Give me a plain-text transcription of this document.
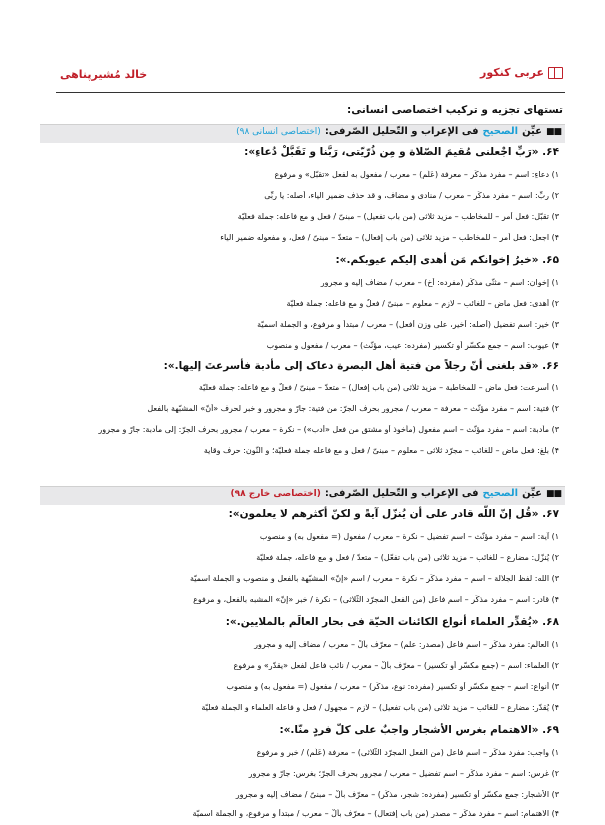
عربی کنکور
خالد مُشیرپناهی
تستهای تجزیه و ترکیب اختصاصی انسانی:
■■
عیِّن
الصحیح
فی الإعراب و التّحلیل الصّرفی:
(اختصاصی انسانی ۹۸)
۶۴. «رَبِّ اجْعلنی مُقیمَ الصّلاة و مِن ذُرّیّتی، رَبَّنا و تَقَبَّلْ دُعاءِ»:
۱) دعاءِ: اسم – مفرد مذکّر – معرفة (عَلَم) – معرب / مفعول به لفعل «تقبّل» و مرفوع
۲) ربِّ: اسم – مفرد مذکّر – معرب / منادی و مضاف، و قد حذف ضمیر الیاء، أصله: یا ربِّی
۳) تقبّل: فعل أمر – للمخاطب – مزید ثلاثی (من باب تفعیل) – مبنیّ / فعل و مع فاعله: جملة فعلیّة
۴) اجعل: فعل أمر – للمخاطب – مزید ثلاثی (من باب إفعال) – متعدّ – مبنیّ / فعل، و مفعوله ضمیر الیاء
۶۵. «خیرُ إخوانکم مَن أهدی إلیکم عیوبکم.»:
۱) إخوان: اسم – مثنّی مذکّر (مفرده: أخ) – معرب / مضاف إلیه و مجرور
۲) أهدی: فعل ماضٍ – للغائب – لازم – معلوم – مبنیّ / فعلٌ و مع فاعله: جملة فعلیّة
۳) خیر: اسم تفضیل (أصله: أخیر، علی وزن أفعل) – معرب / مبتدأ و مرفوع، و الجملة اسمیّة
۴) عیوب: اسم – جمع مکسّر أو تکسیر (مفرده: عیب، مؤنّث) – معرب / مفعول و منصوب
۶۶. «قد بلغنی أنّ رجلاً من فتیة أهل البصرة دعاک إلی مأدبة فأسرعتَ إلیها.»:
۱) أسرعت: فعل ماضٍ – للمخاطبة – مزید ثلاثی (من باب إفعال) – متعدّ – مبنیّ / فعلٌ و مع فاعله: جملة فعلیّة
۲) فتیة: اسم – مفرد مؤنّث – معرفة – معرب / مجرور بحرف الجرّ: من فتیة: جارّ و مجرور و خبر لحرف «أنّ» المشبّهة بالفعل
۳) مأدبة: اسم – مفرد مؤنّث – اسم مفعول (مأخوذ أو مشتق من فعل «أدب») – نکرة – معرب / مجرور بحرف الجرّ: إلی مأدبة: جارّ و مجرور
۴) بلغ: فعل ماضٍ – للغائب – مجرّد ثلاثی – معلوم – مبنیّ / فعل و مع فاعله جملة فعلیّة؛ و النّون: حرف وقایة
■■
عیِّن
الصحیح
فی الإعراب و التّحلیل الصّرفی:
(اختصاصی خارج ۹۸)
۶۷. «قُل إنّ اللّه قادر علی أن یُنزّل آیةً و لکنّ أکثرهم لا یعلمون»:
۱) آیة: اسم – مفرد مؤنّث – اسم تفضیل – نکرة – معرب / مفعول (= مفعول به) و منصوب
۲) یُنزّل: مضارع – للغائب – مزید ثلاثی (من باب تفعّل) – متعدّ / فعل و مع فاعله، جملة فعلیّة
۳) اللّه: لفظ الجلالة – اسم – مفرد مذکّر – نکرة – معرب / اسم «إنّ» المشبّهة بالفعل و منصوب و الجملة اسمیّة
۴) قادر: اسم – مفرد مذکّر – اسم فاعل (من الفعل المجرّد الثّلاثی) – نکرة / خبر «إنّ» المشبه بالفعل، و مرفوع
۶۸. «یُقدِّر العلماء أنواع الکائنات الحیّة فی بحار العالَم بالملایین.»:
۱) العالَم: مفرد مذکّر – اسم فاعل (مصدر: علم) – معرّف بألْ – معرب / مضاف إلیه و مجرور
۲) العلماء: اسم – (جمع مکسّر أو تکسیر) – معرّف بألْ – معرب / نائب فاعل لفعل «یقدّر» و مرفوع
۳) أنواع: اسم – جمع مکسّر أو تکسیر (مفرده: نوع، مذکّر) – معرب / مفعول (= مفعول به) و منصوب
۴) یُقدّر: مضارع – للغائب – مزید ثلاثی (من باب تفعیل) – لازم – مجهول / فعل و فاعله العلماء و الجملة فعلیّة
۶۹. «الاهتمام بغرس الأشجار واجبٌ علی کلّ فردٍ منّا.»:
۱) واجب: مفرد مذکّر – اسم فاعل (من الفعل المجرّد الثّلاثی) – معرفة (عَلَم) / خبر و مرفوع
۲) غرس: اسم – مفرد مذکّر – اسم تفضیل – معرب / مجرور بحرف الجرّ؛ بغرس: جارّ و مجرور
۳) الأشجار: جمع مکسّر أو تکسیر (مفرده: شجر، مذکّر) – معرّف بألْ – مبنیّ / مضاف إلیه و مجرور
۴) الاهتمام: اسم – مفرد مذکّر – مصدر (من باب إفتعال) – معرّف بألْ – معرب / مبتدأ و مرفوع، و الجملة اسمیّة
